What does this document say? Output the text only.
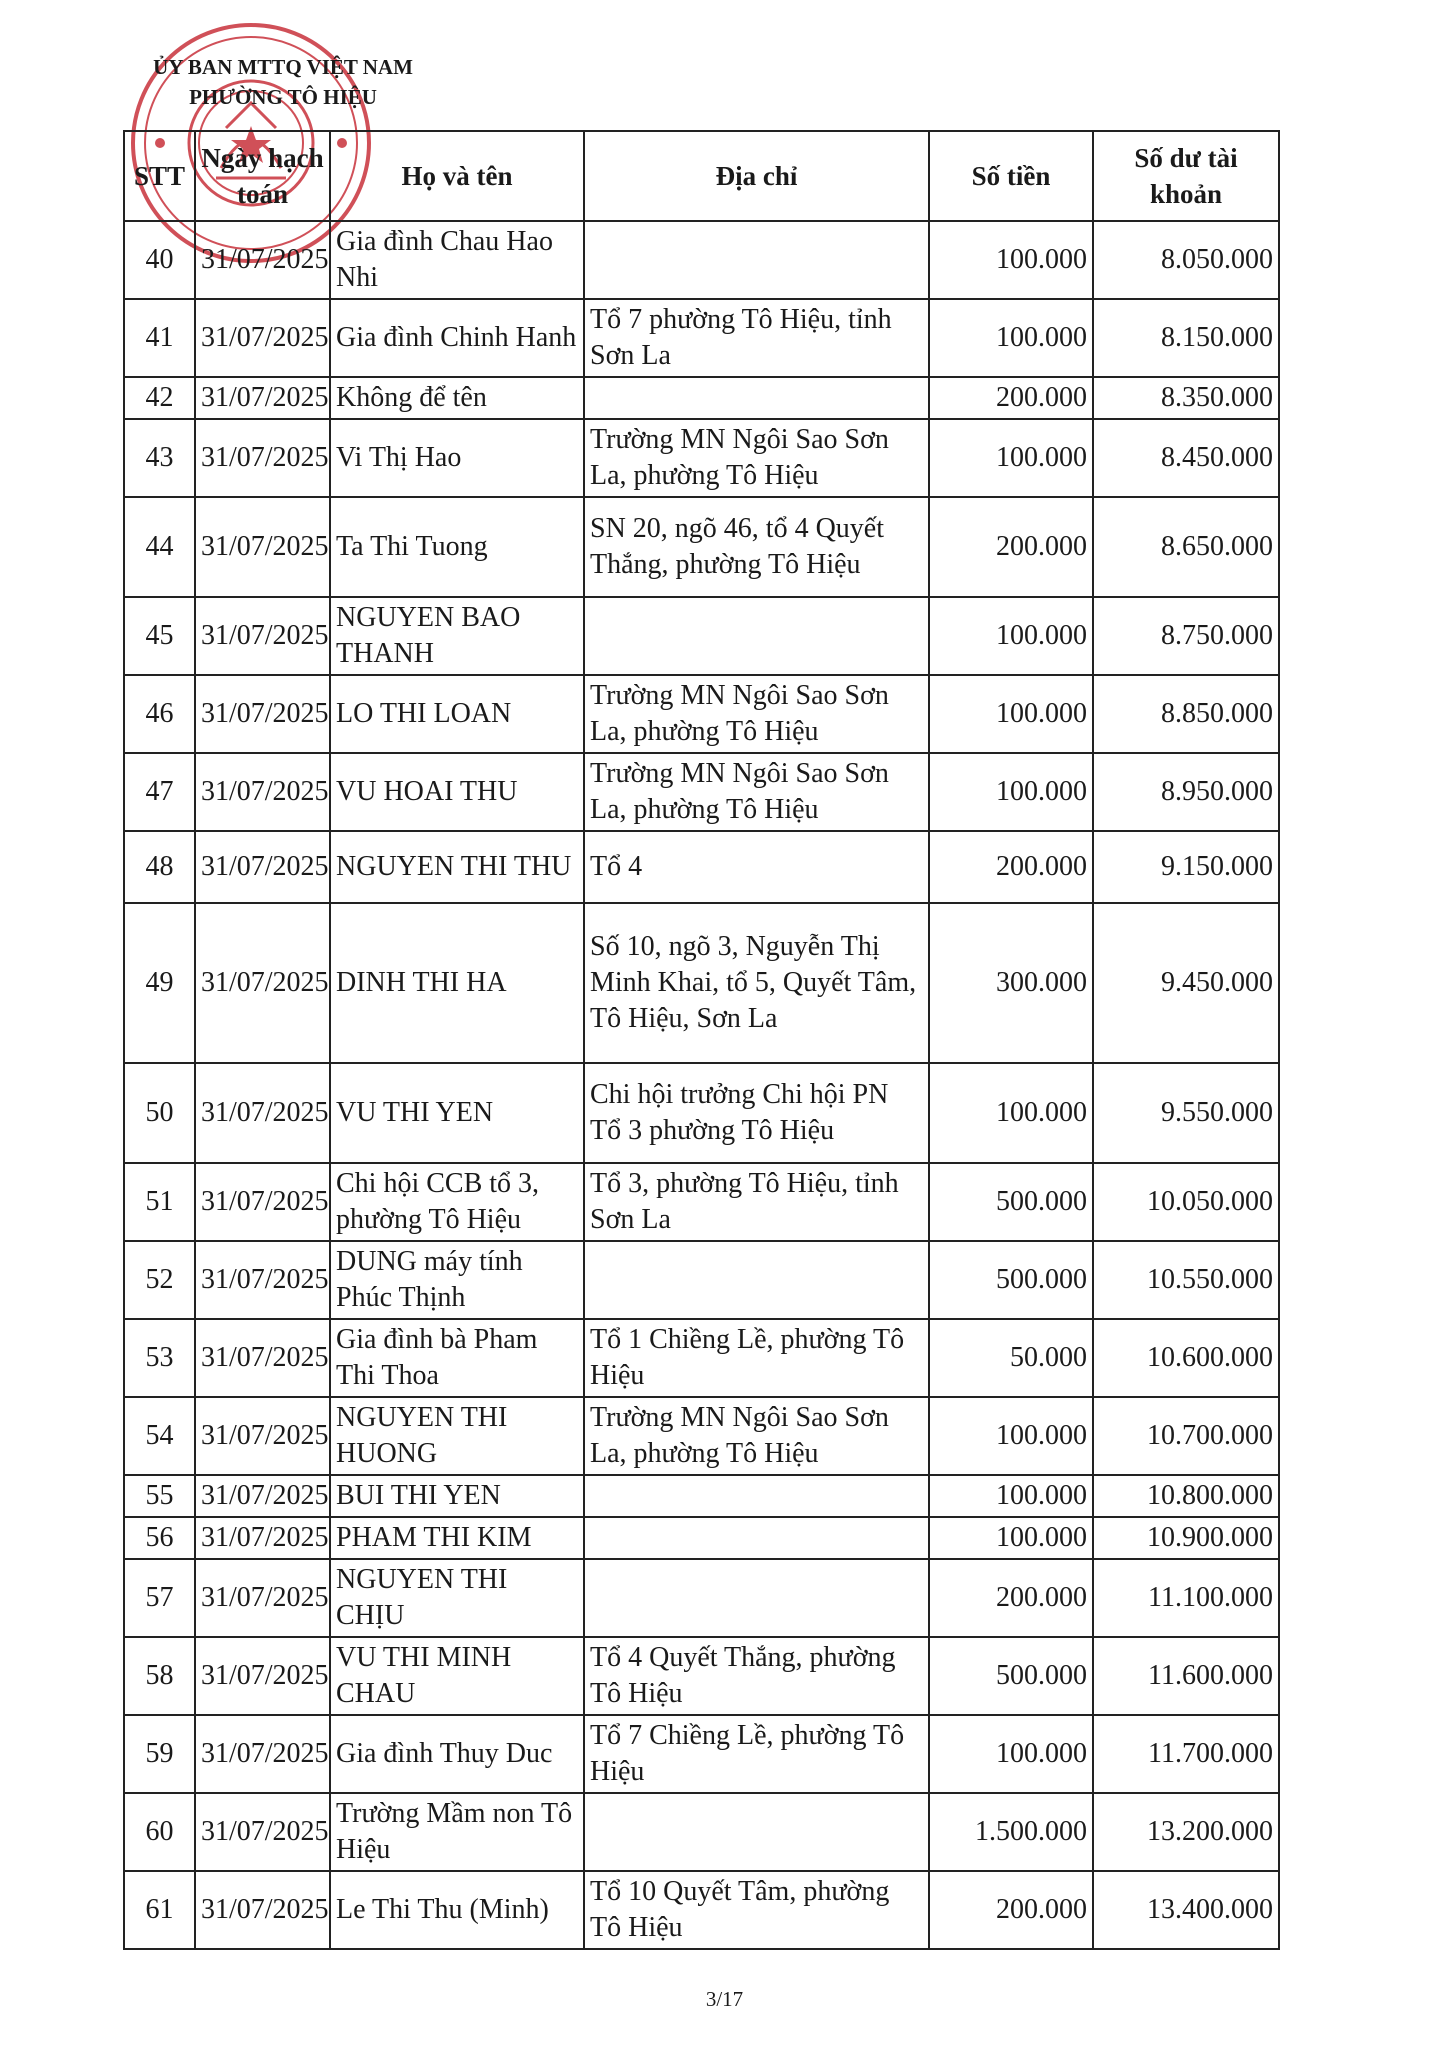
ỦY BAN MTTQ VIỆT NAM
PHƯỜNG TÔ HIỆU
STT	Ngày hạch toán	Họ và tên	Địa chỉ	Số tiền	Số dư tài khoản
40	31/07/2025	Gia đình Chau Hao Nhi		100.000	8.050.000
41	31/07/2025	Gia đình Chinh Hanh	Tổ 7 phường Tô Hiệu, tỉnh Sơn La	100.000	8.150.000
42	31/07/2025	Không để tên		200.000	8.350.000
43	31/07/2025	Vi Thị Hao	Trường MN Ngôi Sao Sơn La, phường Tô Hiệu	100.000	8.450.000
44	31/07/2025	Ta Thi Tuong	SN 20, ngõ 46, tổ 4 Quyết Thắng, phường Tô Hiệu	200.000	8.650.000
45	31/07/2025	NGUYEN BAO THANH		100.000	8.750.000
46	31/07/2025	LO THI LOAN	Trường MN Ngôi Sao Sơn La, phường Tô Hiệu	100.000	8.850.000
47	31/07/2025	VU HOAI THU	Trường MN Ngôi Sao Sơn La, phường Tô Hiệu	100.000	8.950.000
48	31/07/2025	NGUYEN THI THU	Tổ 4	200.000	9.150.000
49	31/07/2025	DINH THI HA	Số 10, ngõ 3, Nguyễn Thị Minh Khai, tổ 5, Quyết Tâm, Tô Hiệu, Sơn La	300.000	9.450.000
50	31/07/2025	VU THI YEN	Chi hội trưởng Chi hội PN Tổ 3 phường Tô Hiệu	100.000	9.550.000
51	31/07/2025	Chi hội CCB tổ 3, phường Tô Hiệu	Tổ 3, phường Tô Hiệu, tỉnh Sơn La	500.000	10.050.000
52	31/07/2025	DUNG máy tính Phúc Thịnh		500.000	10.550.000
53	31/07/2025	Gia đình bà Pham Thi Thoa	Tổ 1 Chiềng Lề, phường Tô Hiệu	50.000	10.600.000
54	31/07/2025	NGUYEN THI HUONG	Trường MN Ngôi Sao Sơn La, phường Tô Hiệu	100.000	10.700.000
55	31/07/2025	BUI THI YEN		100.000	10.800.000
56	31/07/2025	PHAM THI KIM		100.000	10.900.000
57	31/07/2025	NGUYEN THI CHỊU		200.000	11.100.000
58	31/07/2025	VU THI MINH CHAU	Tổ 4 Quyết Thắng, phường Tô Hiệu	500.000	11.600.000
59	31/07/2025	Gia đình Thuy Duc	Tổ 7 Chiềng Lề, phường Tô Hiệu	100.000	11.700.000
60	31/07/2025	Trường Mầm non Tô Hiệu		1.500.000	13.200.000
61	31/07/2025	Le Thi Thu (Minh)	Tổ 10 Quyết Tâm, phường Tô Hiệu	200.000	13.400.000
3/17
